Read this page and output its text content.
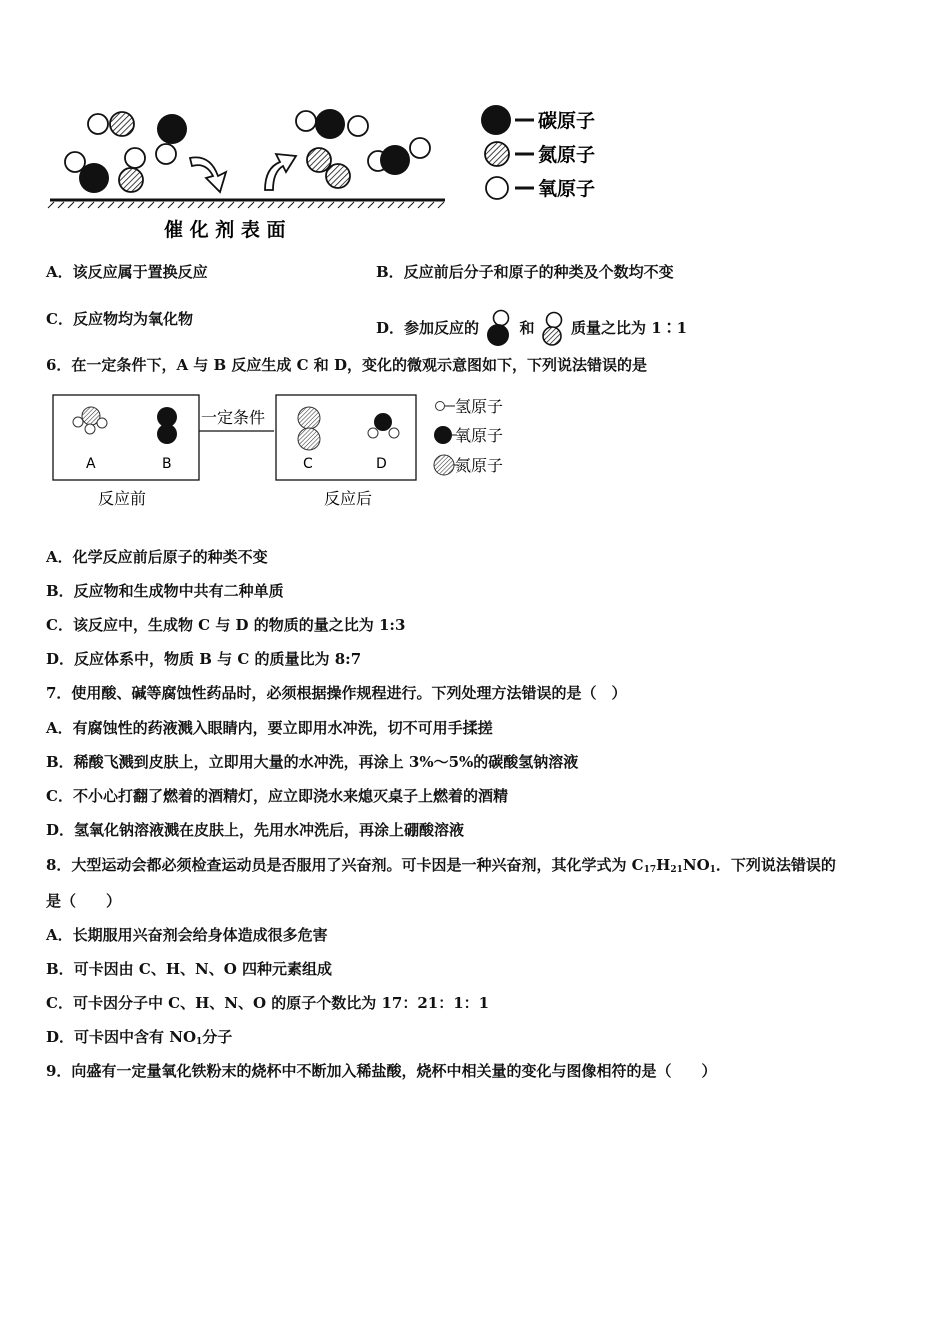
催 化 剂 表 面
碳原子
氮原子
氧原子
A．该反应属于置换反应	B．反应前后分子和原子的种类及个数均不变
C．反应物均为氧化物	D．参加反应的	和 质量之比为 1∶1
6．在一定条件下，A 与 B 反应生成 C 和 D，变化的微观示意图如下，下列说法错误的是
A	B
一定条件
C	D
反应前	反应后
氢原子
氧原子
氮原子
A．化学反应前后原子的种类不变
B．反应物和生成物中共有二种单质
C．该反应中，生成物 C 与 D 的物质的量之比为 1:3
D．反应体系中，物质 B 与 C 的质量比为 8:7
7．使用酸、碱等腐蚀性药品时，必须根据操作规程进行。下列处理方法错误的是（　）
A．有腐蚀性的药液溅入眼睛内，要立即用水冲洗，切不可用手揉搓
B．稀酸飞溅到皮肤上，立即用大量的水冲洗，再涂上 3%～5%的碳酸氢钠溶液
C．不小心打翻了燃着的酒精灯，应立即浇水来熄灭桌子上燃着的酒精
D．氢氧化钠溶液溅在皮肤上，先用水冲洗后，再涂上硼酸溶液
8．大型运动会都必须检查运动员是否服用了兴奋剂。可卡因是一种兴奋剂，其化学式为 $C_{17}H_{21}NO_1$．下列说法错误的
是（　　）
A．长期服用兴奋剂会给身体造成很多危害
B．可卡因由 C、H、N、O 四种元素组成
C．可卡因分子中 C、H、N、O 的原子个数比为 17：21：1：1
D．可卡因中含有 $NO_1$分子
9．向盛有一定量氧化铁粉末的烧杯中不断加入稀盐酸，烧杯中相关量的变化与图像相符的是（　　）
